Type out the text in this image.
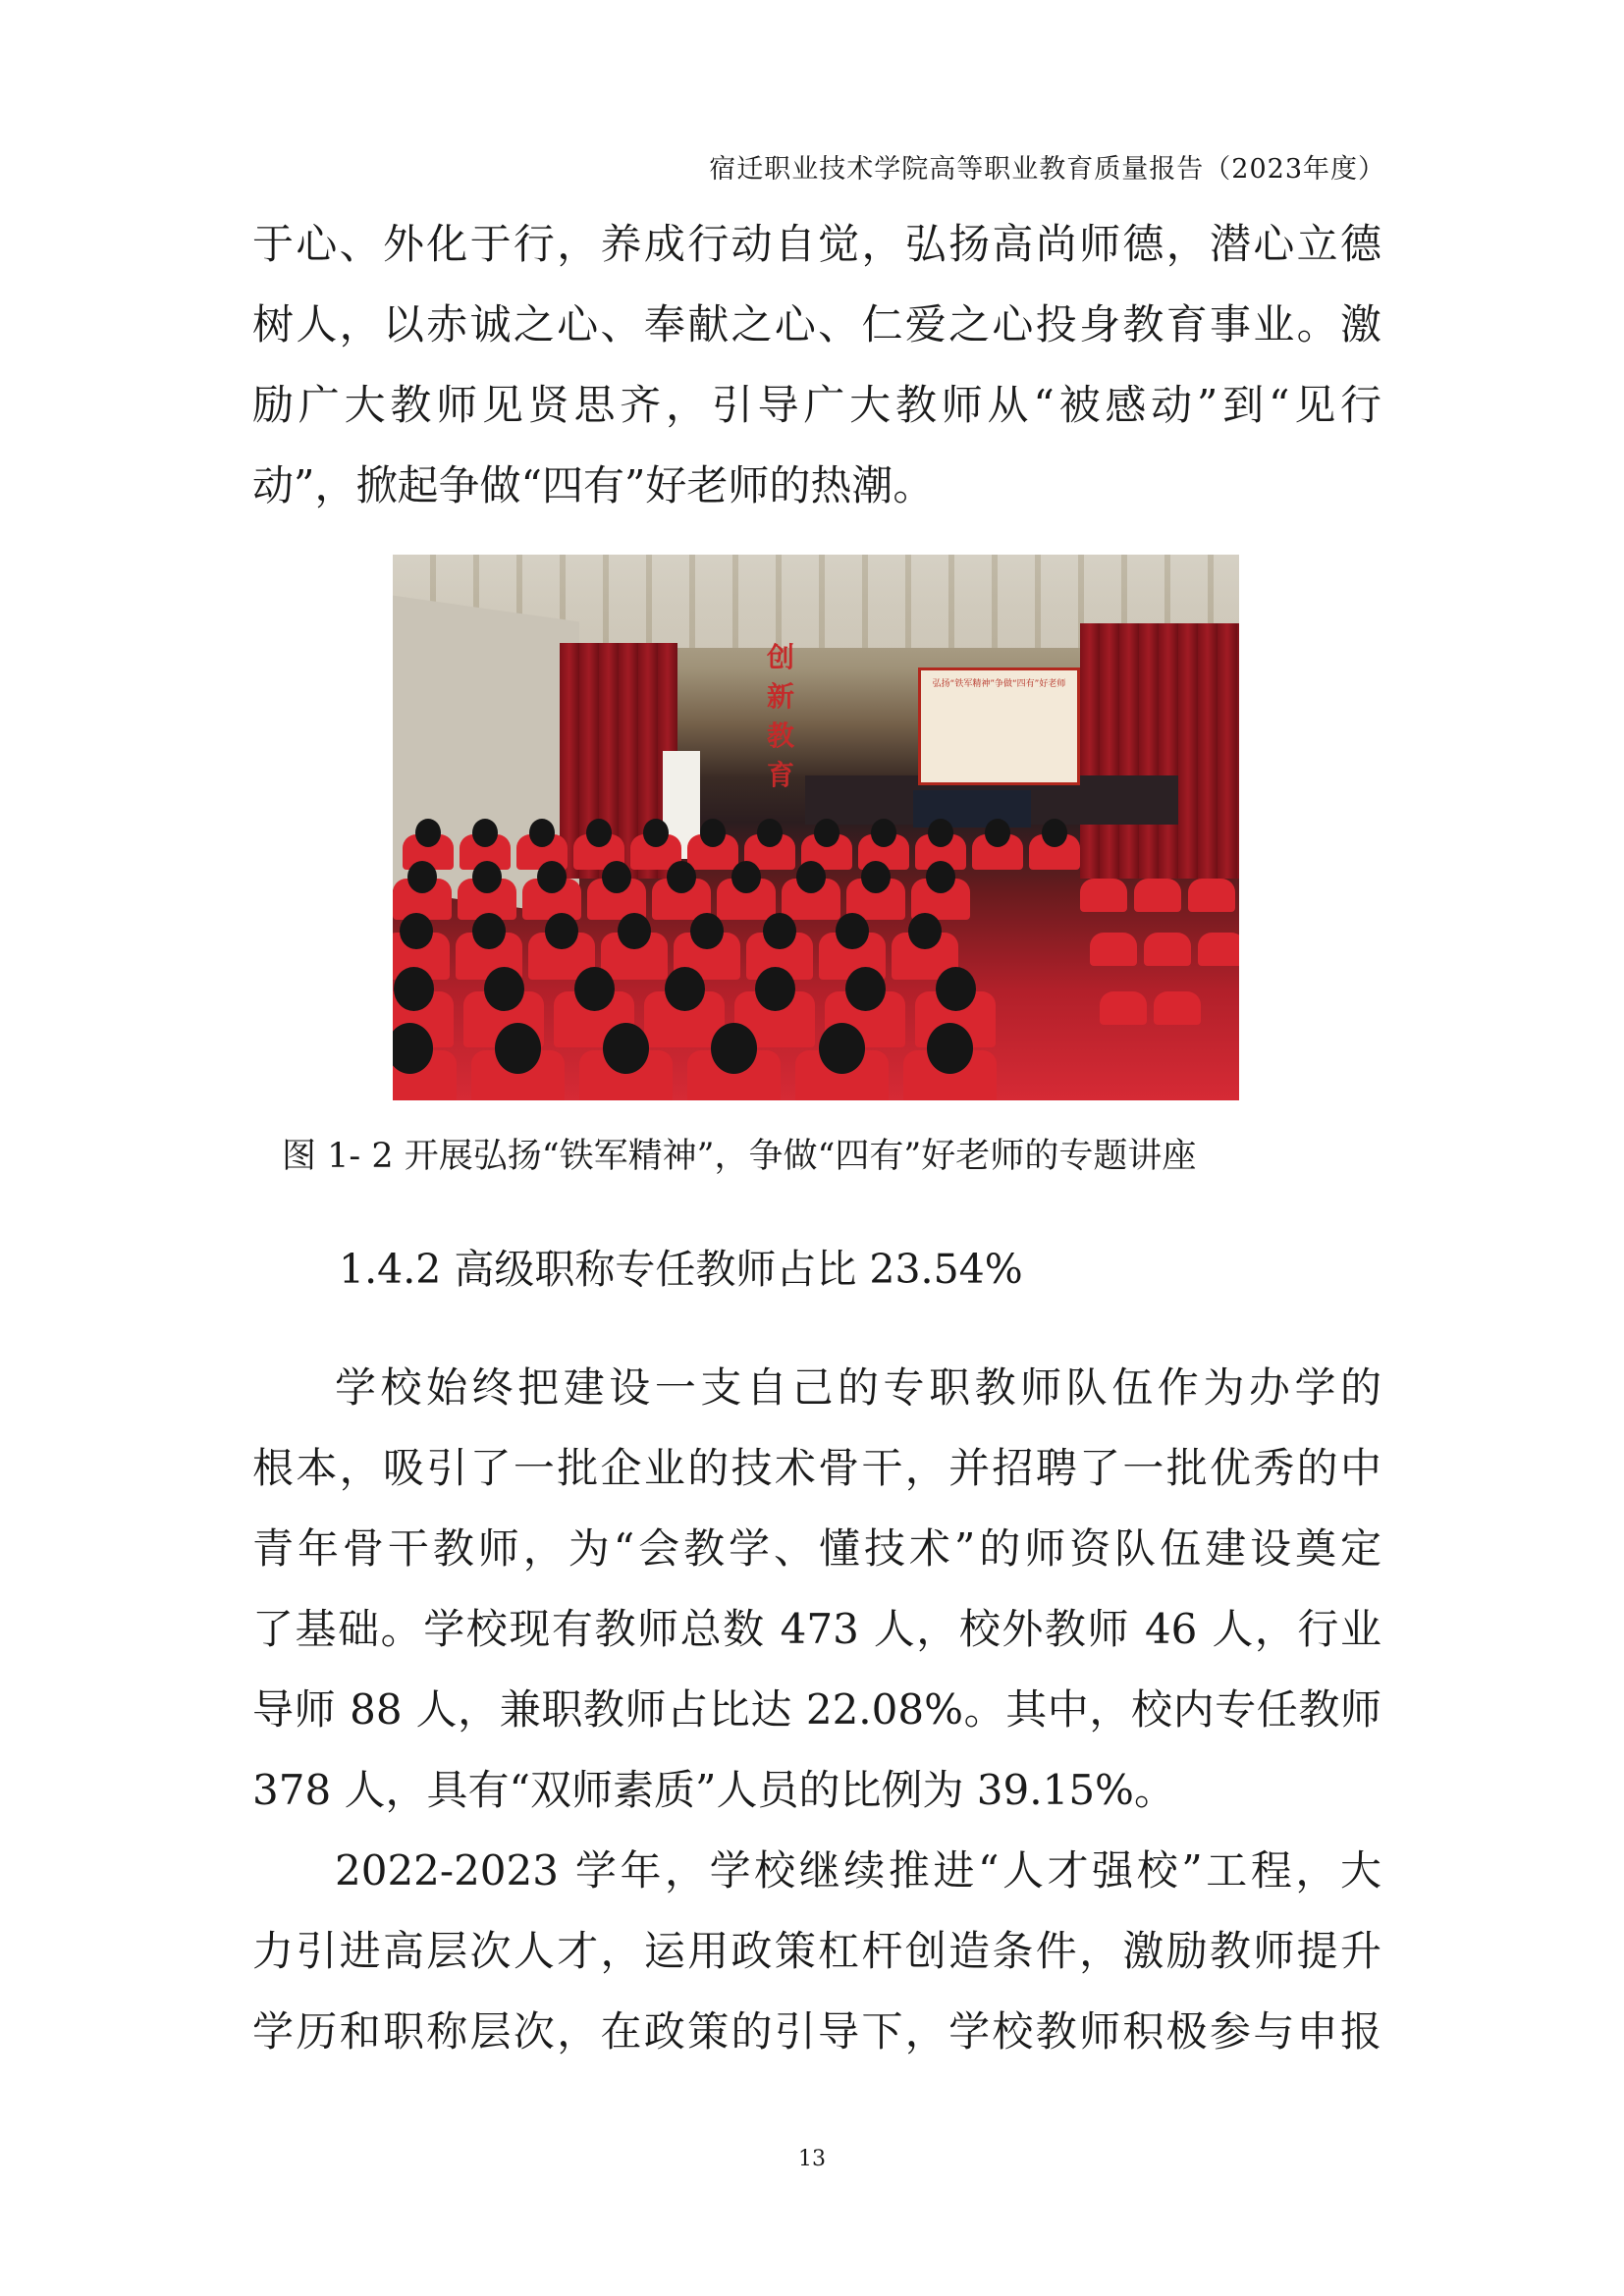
宿迁职业技术学院高等职业教育质量报告（2023年度）
于心、外化于行，养成行动自觉，弘扬高尚师德，潜心立德
树人，以赤诚之心、奉献之心、仁爱之心投身教育事业。激
励广大教师见贤思齐，引导广大教师从“被感动”到“见行
动”，掀起争做“四有”好老师的热潮。
创
新
教
育
弘扬“铁军精神”争做“四有”好老师
图 1- 2 开展弘扬“铁军精神”，争做“四有”好老师的专题讲座
1.4.2 高级职称专任教师占比 23.54%
学校始终把建设一支自己的专职教师队伍作为办学的
根本，吸引了一批企业的技术骨干，并招聘了一批优秀的中
青年骨干教师，为“会教学、懂技术”的师资队伍建设奠定
了基础。学校现有教师总数 473 人，校外教师 46 人，行业
导师 88 人，兼职教师占比达 22.08%。其中，校内专任教师
378 人，具有“双师素质”人员的比例为 39.15%。
2022-2023 学年，学校继续推进“人才强校”工程，大
力引进高层次人才，运用政策杠杆创造条件，激励教师提升
学历和职称层次，在政策的引导下，学校教师积极参与申报
13
